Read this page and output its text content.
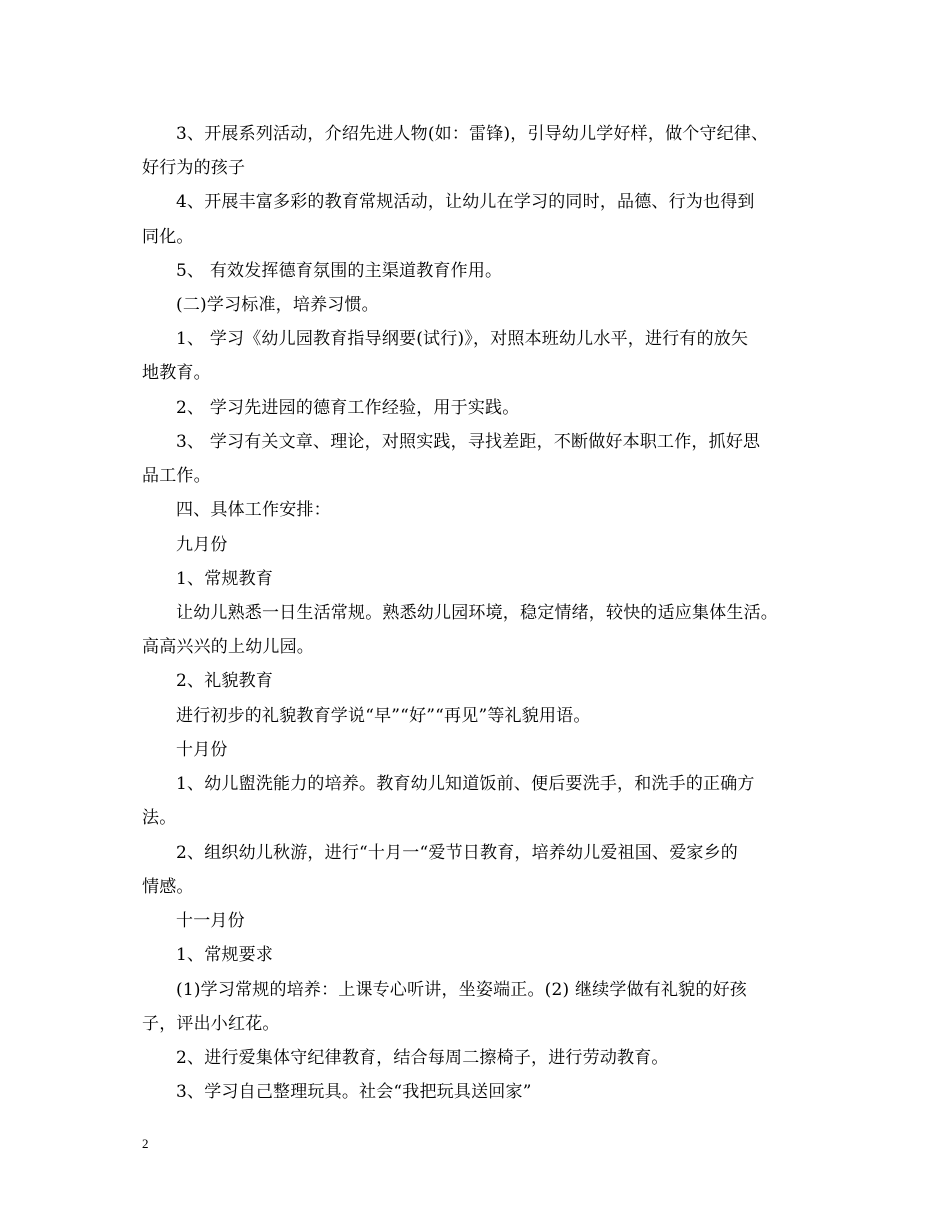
3、开展系列活动，介绍先进人物(如：雷锋)，引导幼儿学好样，做个守纪律、
好行为的孩子
4、开展丰富多彩的教育常规活动，让幼儿在学习的同时，品德、行为也得到
同化。
5、 有效发挥德育氛围的主渠道教育作用。
(二)学习标准，培养习惯。
1、 学习《幼儿园教育指导纲要(试行)》，对照本班幼儿水平，进行有的放矢
地教育。
2、 学习先进园的德育工作经验，用于实践。
3、 学习有关文章、理论，对照实践，寻找差距，不断做好本职工作，抓好思
品工作。
四、具体工作安排：
九月份
1、常规教育
让幼儿熟悉一日生活常规。熟悉幼儿园环境，稳定情绪，较快的适应集体生活。
高高兴兴的上幼儿园。
2、礼貌教育
进行初步的礼貌教育学说“早”“好”“再见”等礼貌用语。
十月份
1、幼儿盥洗能力的培养。教育幼儿知道饭前、便后要洗手，和洗手的正确方
法。
2、组织幼儿秋游，进行“十月一“爱节日教育，培养幼儿爱祖国、爱家乡的
情感。
十一月份
1、常规要求
(1)学习常规的培养：上课专心听讲，坐姿端正。(2) 继续学做有礼貌的好孩
子，评出小红花。
2、进行爱集体守纪律教育，结合每周二擦椅子，进行劳动教育。
3、学习自己整理玩具。社会“我把玩具送回家”
2
